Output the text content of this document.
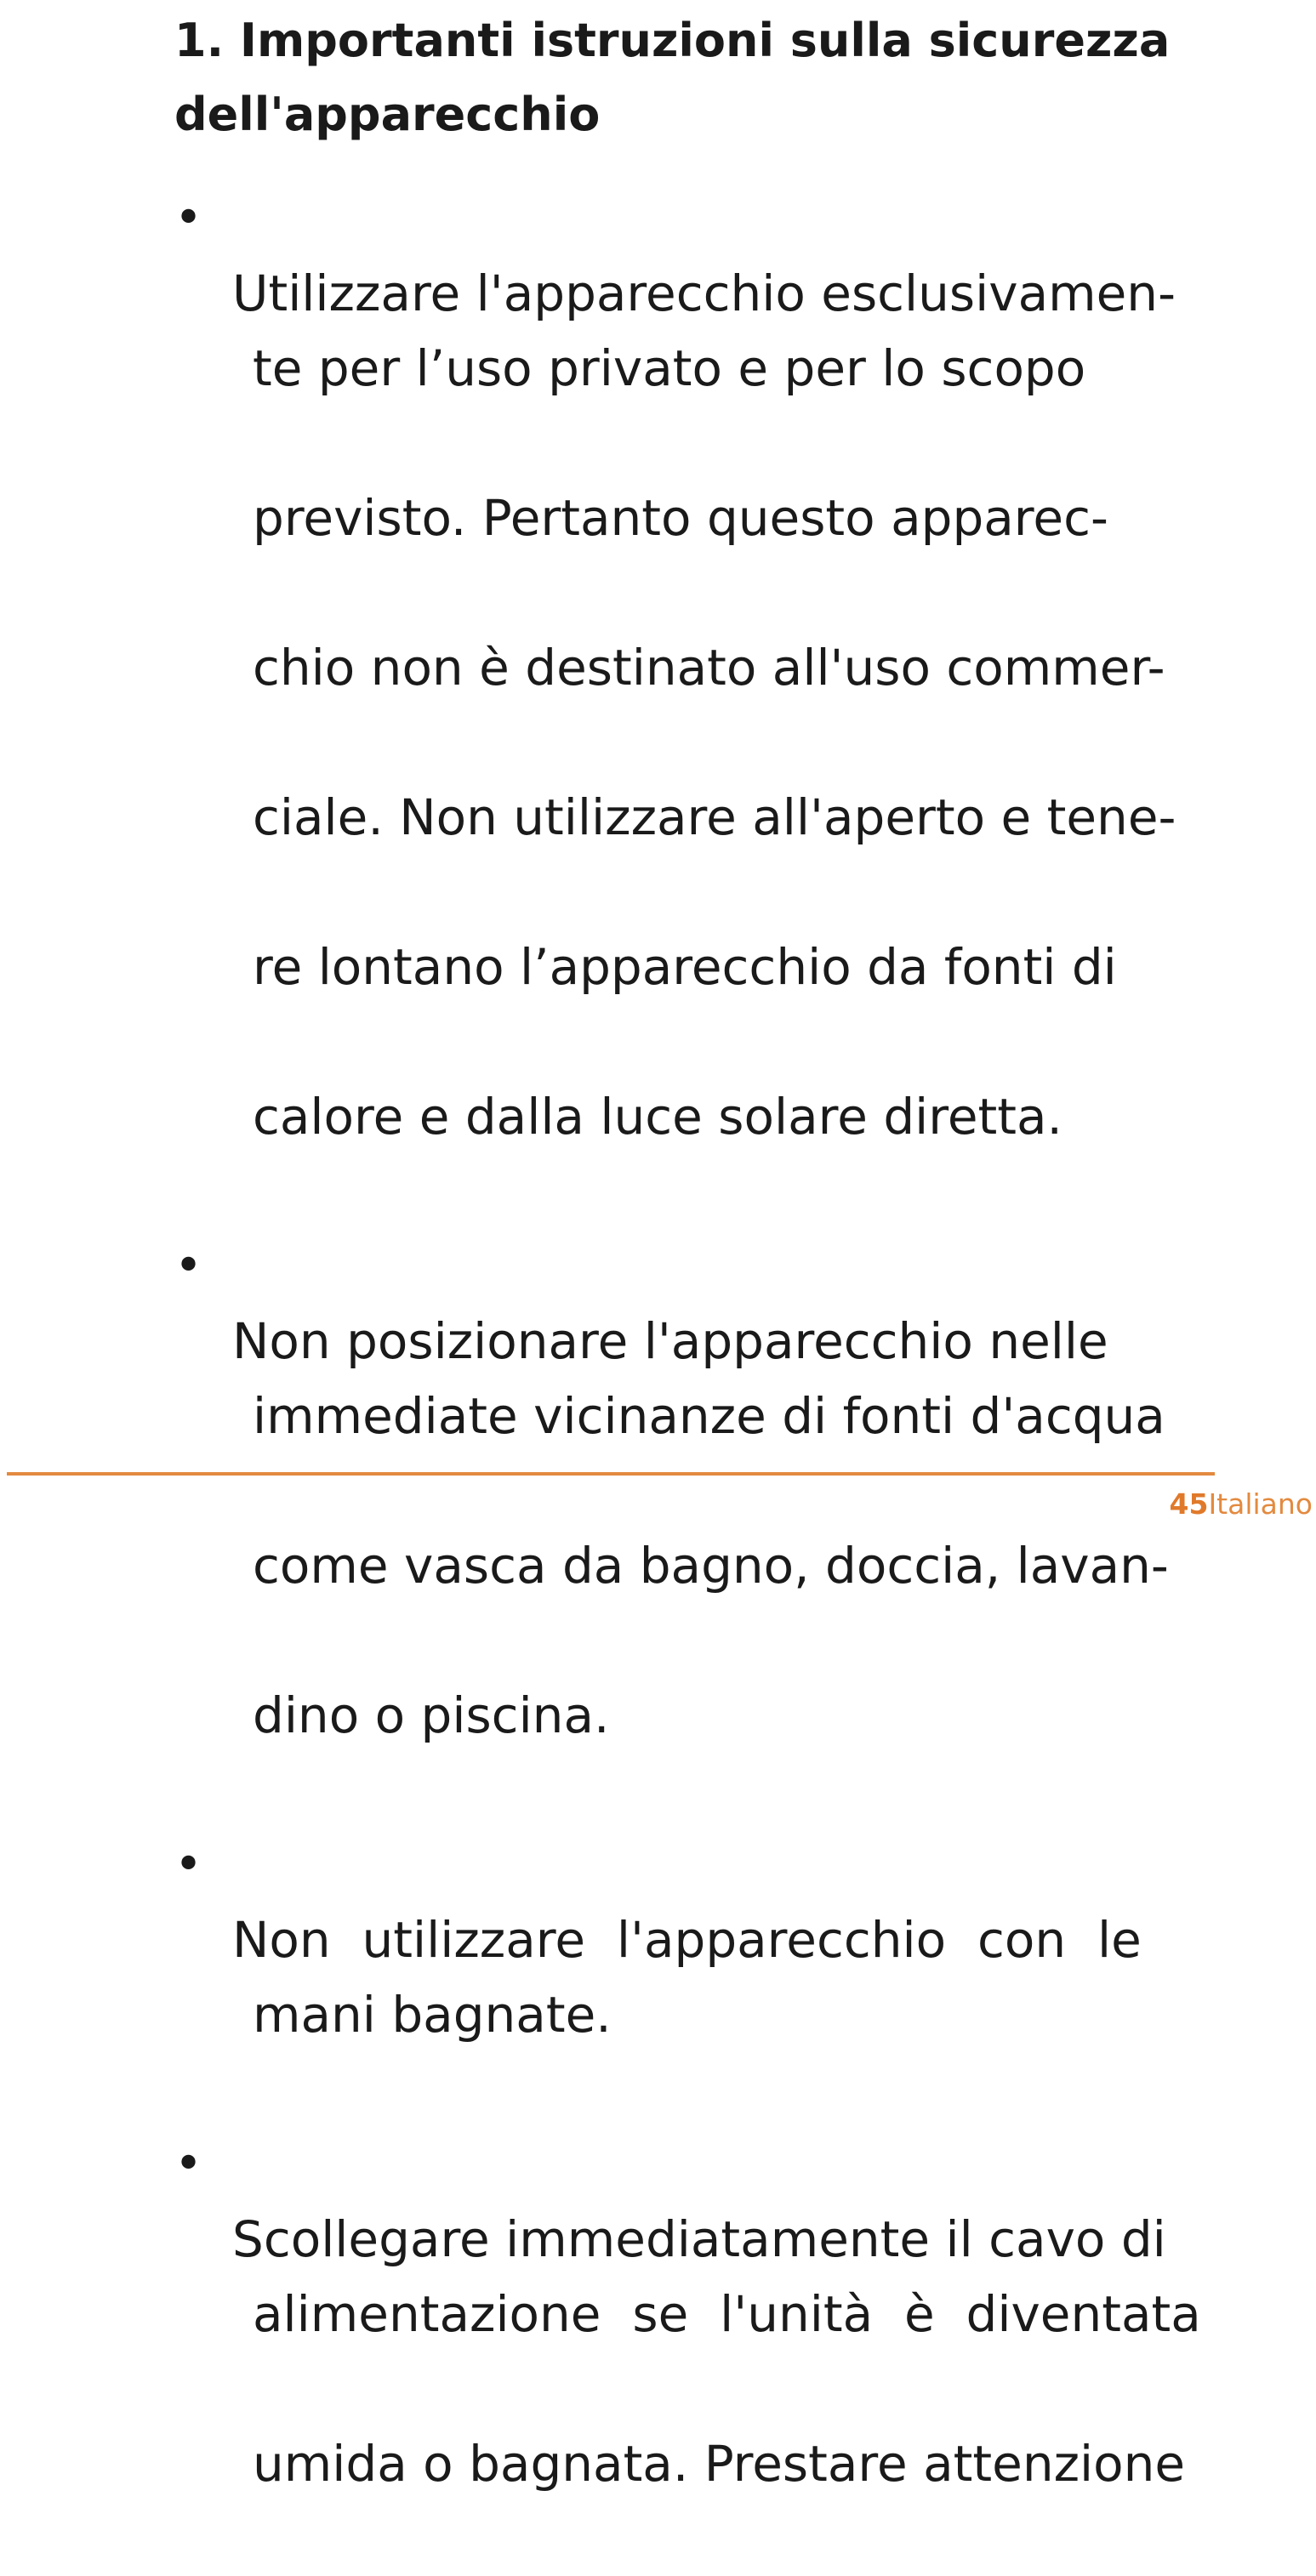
1. Importanti istruzioni sulla sicurezza
dell'apparecchio
•

Utilizzare l'apparecchio esclusivamen-

te per l’uso privato e per lo scopo

previsto. Pertanto questo apparec-

chio non è destinato all'uso commer-

ciale. Non utilizzare all'aperto e tene-

re lontano l’apparecchio da fonti di

calore e dalla luce solare diretta.

•

Non posizionare l'apparecchio nelle

immediate vicinanze di fonti d'acqua

come vasca da bagno, doccia, lavan-

dino o piscina.

•

Non  utilizzare  l'apparecchio  con  le

mani bagnate.

•

Scollegare immediatamente il cavo di

alimentazione  se  l'unità  è  diventata

umida o bagnata. Prestare attenzione

45Italiano
